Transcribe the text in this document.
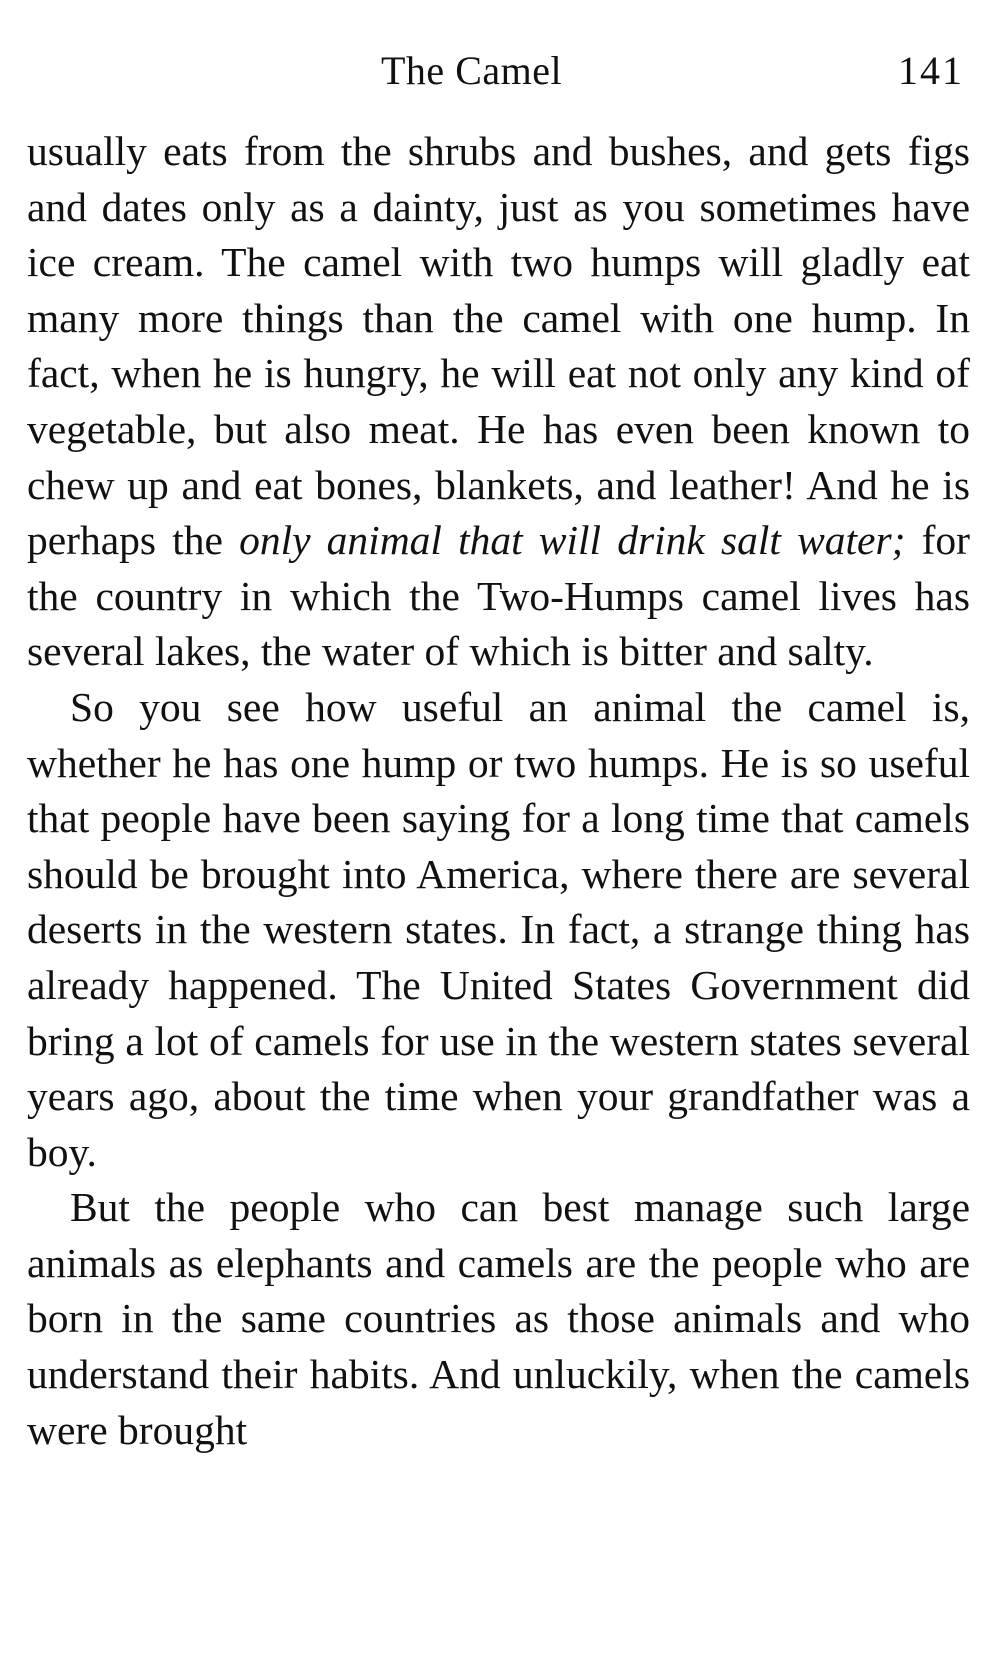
The Camel	141

usually eats from the shrubs and bushes, and gets figs and dates only as a dainty, just as you sometimes have ice cream. The camel with two humps will gladly eat many more things than the camel with one hump. In fact, when he is hungry, he will eat not only any kind of vegetable, but also meat. He has even been known to chew up and eat bones, blankets, and leather! And he is perhaps the only animal that will drink salt water; for the country in which the Two-Humps camel lives has several lakes, the water of which is bitter and salty.

So you see how useful an animal the camel is, whether he has one hump or two humps. He is so useful that people have been saying for a long time that camels should be brought into America, where there are several deserts in the western states. In fact, a strange thing has already happened. The United States Government did bring a lot of camels for use in the western states several years ago, about the time when your grandfather was a boy.

But the people who can best manage such large animals as elephants and camels are the people who are born in the same countries as those animals and who understand their habits. And unluckily, when the camels were brought
